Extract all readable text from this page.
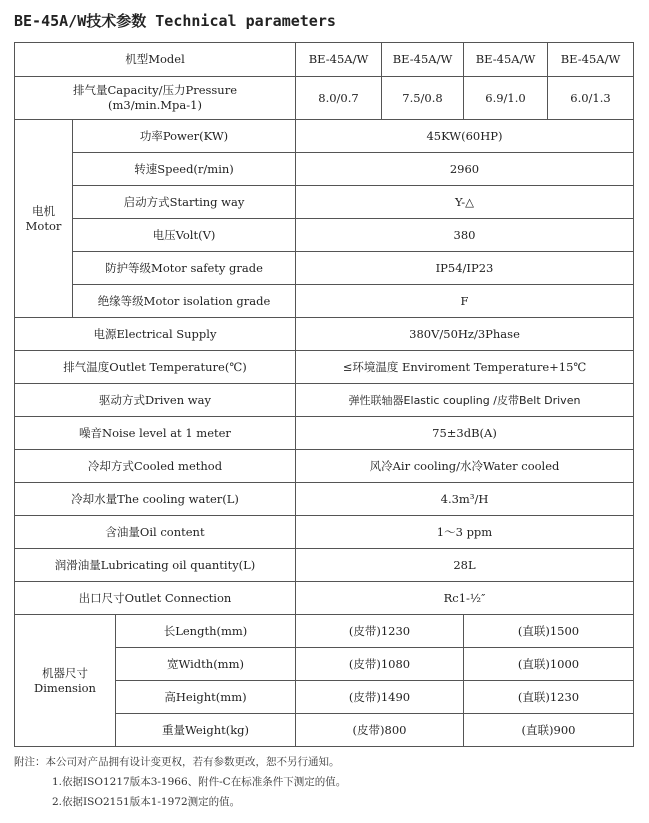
BE-45A/W技术参数 Technical parameters
机型Model			BE-45A/W	BE-45A/W	BE-45A/W	BE-45A/W

排气量Capacity/压力Pressure
(m3/min.Mpa-1)			8.0/0.7	7.5/0.8	6.9/1.0	6.0/1.3

电机
Motor	功率Power(KW)		45KW(60HP)			
	转速Speed(r/min)		2960			
	启动方式Starting way		Y-△			
	电压Volt(V)		380			
	防护等级Motor safety grade		IP54/IP23			
	绝缘等级Motor isolation grade		F			
电源Electrical Supply			380V/50Hz/3Phase			
排气温度Outlet Temperature(℃)			≤环境温度 Enviroment Temperature+15℃			
驱动方式Driven way			弹性联轴器Elastic coupling /皮带Belt Driven			
噪音Noise level at 1 meter			75±3dB(A)			
冷却方式Cooled method			风冷Air cooling/水冷Water cooled			
冷却水量The cooling water(L)			4.3m³/H			
含油量Oil content			1～3 ppm			
润滑油量Lubricating oil quantity(L)			28L			
出口尺寸Outlet Connection			Rc1-½″			

机器尺寸
Dimension		长Length(mm)	(皮带)1230		(直联)1500	
		宽Width(mm)	(皮带)1080		(直联)1000	
		高Height(mm)	(皮带)1490		(直联)1230	
		重量Weight(kg)	(皮带)800		(直联)900	
附注：本公司对产品拥有设计变更权，若有参数更改，恕不另行通知。
1.依据ISO1217版本3-1966、附件-C在标准条件下测定的值。
2.依据ISO2151版本1-1972测定的值。
